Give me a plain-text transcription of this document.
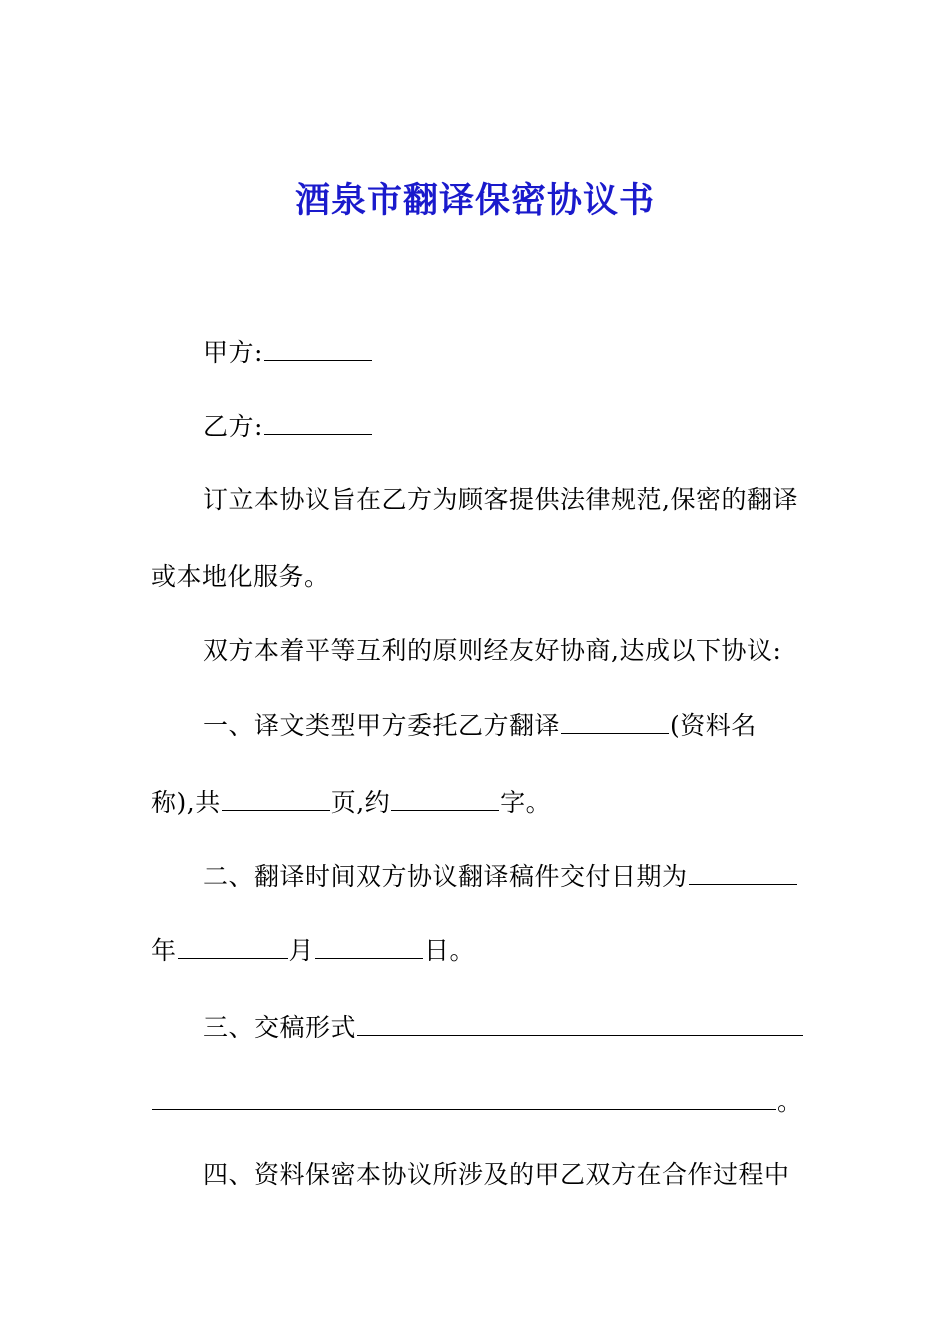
酒泉市翻译保密协议书
甲方:
乙方:
订立本协议旨在乙方为顾客提供法律规范,保密的翻译
或本地化服务。
双方本着平等互利的原则经友好协商,达成以下协议:
一、译文类型甲方委托乙方翻译	(资料名
称),共	页,约	字。
二、翻译时间双方协议翻译稿件交付日期为
年	月	日。
三、交稿形式
。
四、资料保密本协议所涉及的甲乙双方在合作过程中
